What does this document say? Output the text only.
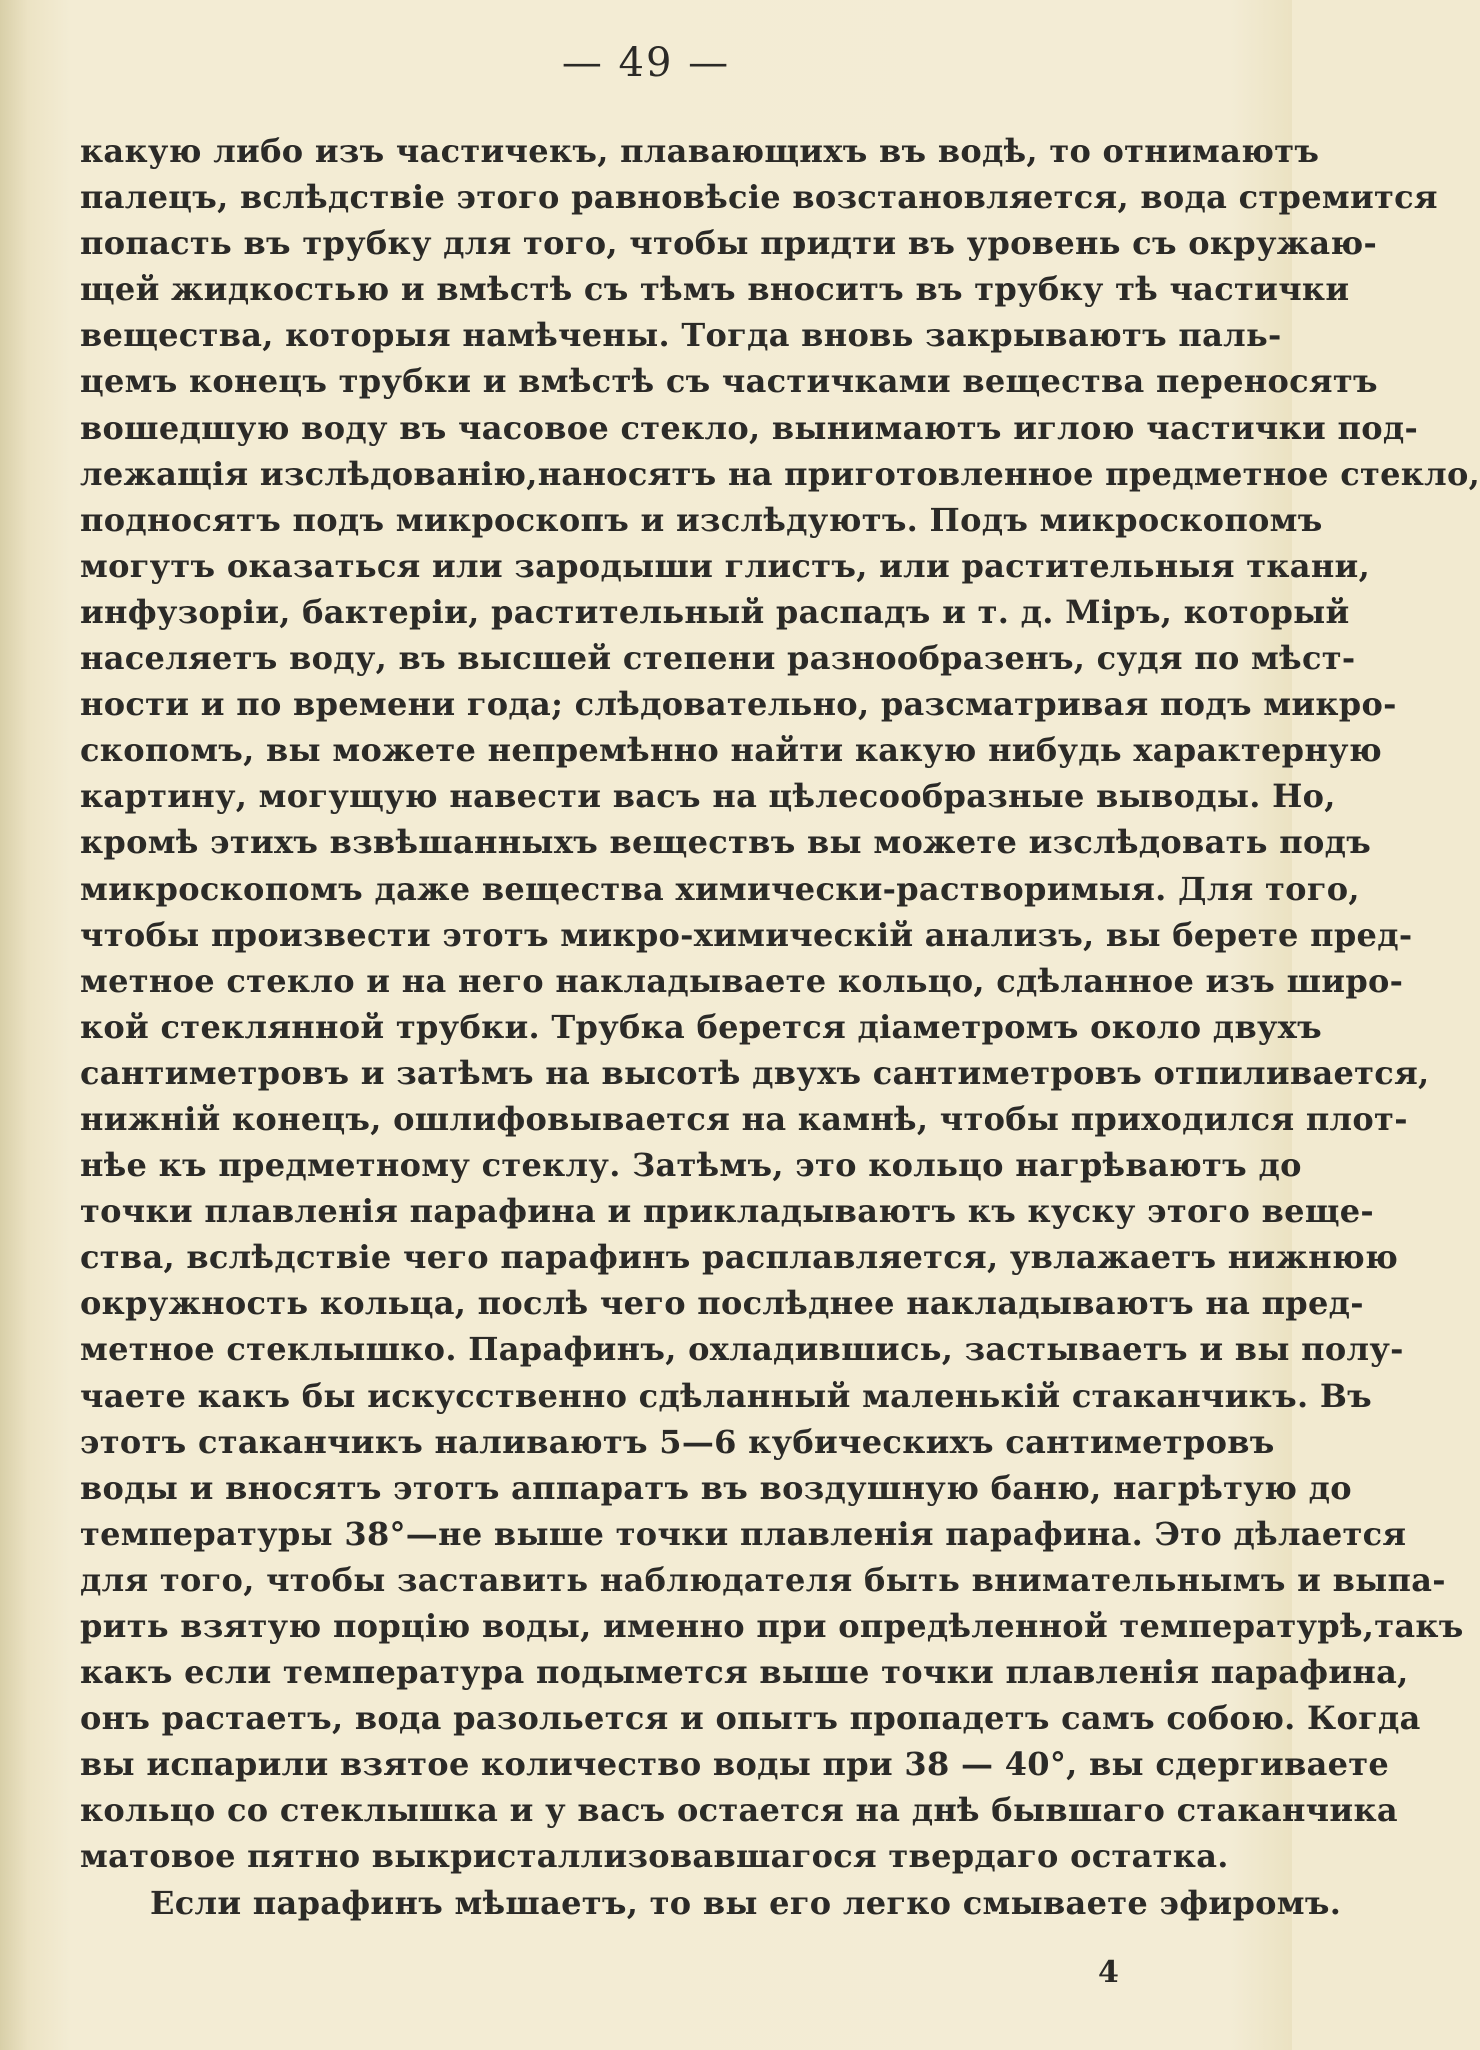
— 49 —
какую либо изъ частичекъ, плавающихъ въ водѣ, то отнимаютъ
палецъ, вслѣдствіе этого равновѣсіе возстановляется, вода стремится
попасть въ трубку для того, чтобы придти въ уровень съ окружаю-
щей жидкостью и вмѣстѣ съ тѣмъ вноситъ въ трубку тѣ частички
вещества, которыя намѣчены. Тогда вновь закрываютъ паль-
цемъ конецъ трубки и вмѣстѣ съ частичками вещества переносятъ
вошедшую воду въ часовое стекло, вынимаютъ иглою частички под-
лежащія изслѣдованію,наносятъ на приготовленное предметное стекло,
подносятъ подъ микроскопъ и изслѣдуютъ. Подъ микроскопомъ
могутъ оказаться или зародыши глистъ, или растительныя ткани,
инфузоріи, бактеріи, растительный распадъ и т. д. Міръ, который
населяетъ воду, въ высшей степени разнообразенъ, судя по мѣст-
ности и по времени года; слѣдовательно, разсматривая подъ микро-
скопомъ, вы можете непремѣнно найти какую нибудь характерную
картину, могущую навести васъ на цѣлесообразные выводы. Но,
кромѣ этихъ взвѣшанныхъ веществъ вы можете изслѣдовать подъ
микроскопомъ даже вещества химически-растворимыя. Для того,
чтобы произвести этотъ микро-химическій анализъ, вы берете пред-
метное стекло и на него накладываете кольцо, сдѣланное изъ широ-
кой стеклянной трубки. Трубка берется діаметромъ около двухъ
сантиметровъ и затѣмъ на высотѣ двухъ сантиметровъ отпиливается,
нижній конецъ, ошлифовывается на камнѣ, чтобы приходился плот-
нѣе къ предметному стеклу. Затѣмъ, это кольцо нагрѣваютъ до
точки плавленія парафина и прикладываютъ къ куску этого веще-
ства, вслѣдствіе чего парафинъ расплавляется, увлажаетъ нижнюю
окружность кольца, послѣ чего послѣднее накладываютъ на пред-
метное стеклышко. Парафинъ, охладившись, застываетъ и вы полу-
чаете какъ бы искусственно сдѣланный маленькій стаканчикъ. Въ
этотъ стаканчикъ наливаютъ 5—6 кубическихъ сантиметровъ
воды и вносятъ этотъ аппаратъ въ воздушную баню, нагрѣтую до
температуры 38°—не выше точки плавленія парафина. Это дѣлается
для того, чтобы заставить наблюдателя быть внимательнымъ и выпа-
рить взятую порцію воды, именно при опредѣленной температурѣ,такъ
какъ если температура подымется выше точки плавленія парафина,
онъ растаетъ, вода разольется и опытъ пропадетъ самъ собою. Когда
вы испарили взятое количество воды при 38 — 40°, вы сдергиваете
кольцо со стеклышка и у васъ остается на днѣ бывшаго стаканчика
матовое пятно выкристаллизовавшагося твердаго остатка.
Если парафинъ мѣшаетъ, то вы его легко смываете эфиромъ.
4
